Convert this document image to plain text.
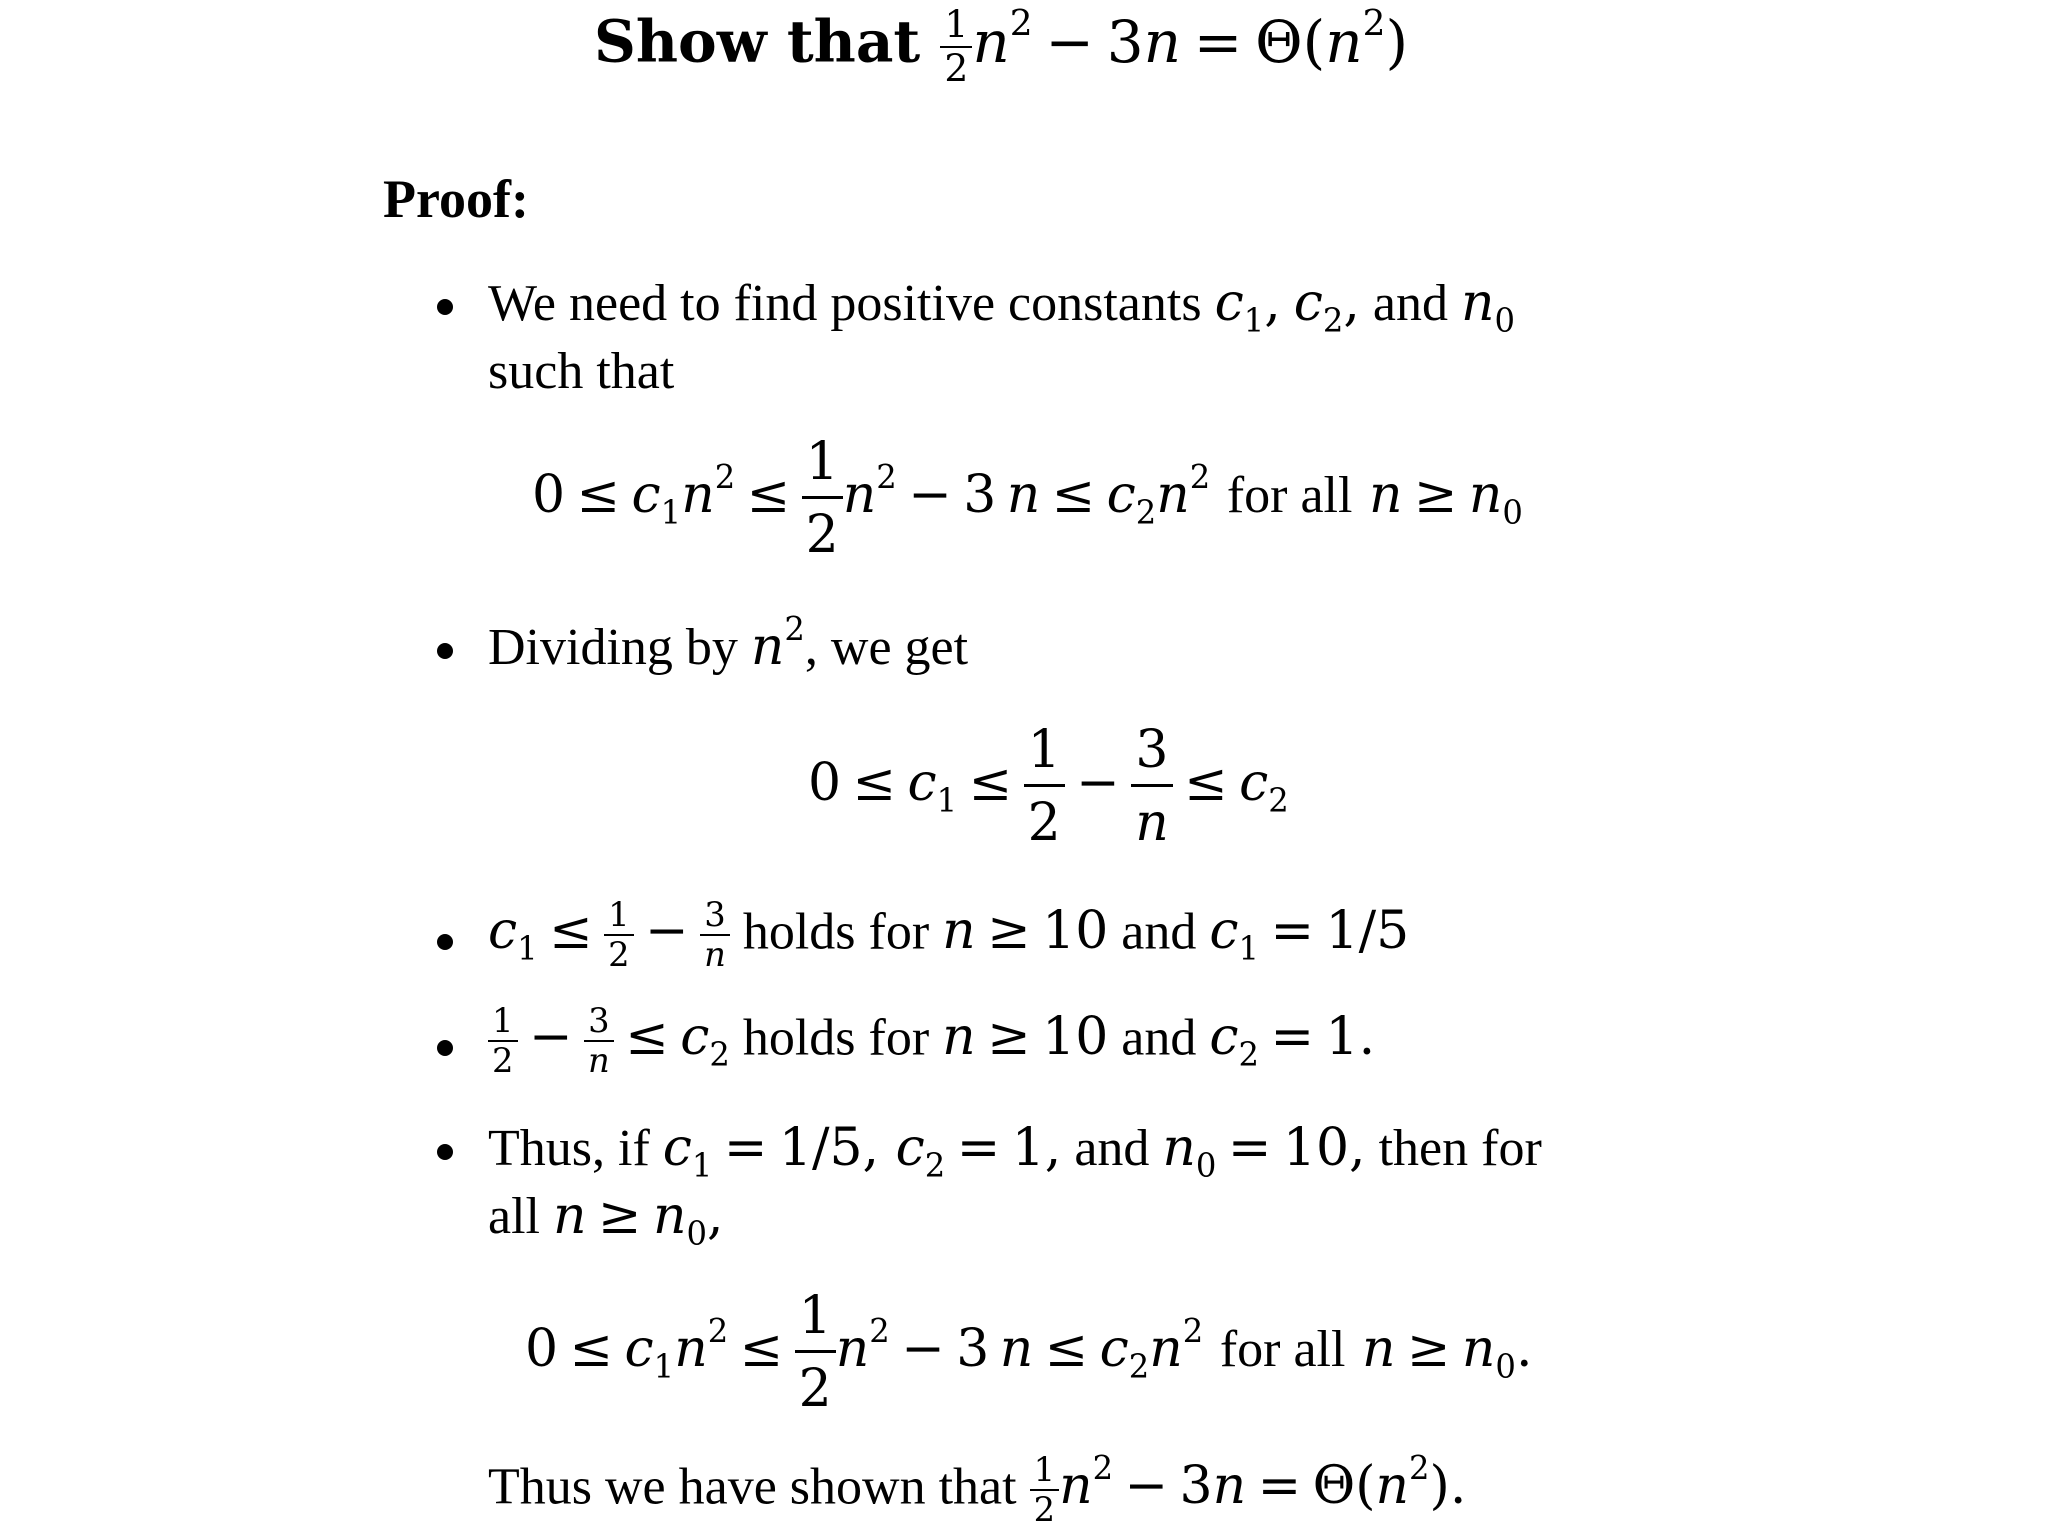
Show that $\frac{1}{2} n^2 - 3n = \Theta(n^2)$
Proof:
We need to find positive constants $c_1$, $c_2$, and $n_0$
such that
$0 \le c_1n^2 \le \frac{1}{2} n^2 - 3$ $n \le c_2n^2$ for all $n \ge n_0$
Dividing by $n^2$, we get
$0 \le c_1 \le \frac{1}{2} - \frac{3}{n} \le c_2$
$c_1 \le \frac{1}{2} - \frac{3}{n}$ holds for n ≥ 10 and $c_1 = 1/5$
$\frac{1}{2} - \frac{3}{n} \le c_2$ holds for n ≥ 10 and $c_2 = 1$.
Thus, if $c_1 = 1/5$, $c_2 = 1$, and $n_0 = 10$, then for
all $n \ge n_0$,
$0 \le c_1n^2 \le \frac{1}{2} n^2 - 3$ $n \le c_2n^2$ for all $n \ge n_0$.
Thus we have shown that $\frac{1}{2} n^2 - 3n = \Theta(n^2)$.
